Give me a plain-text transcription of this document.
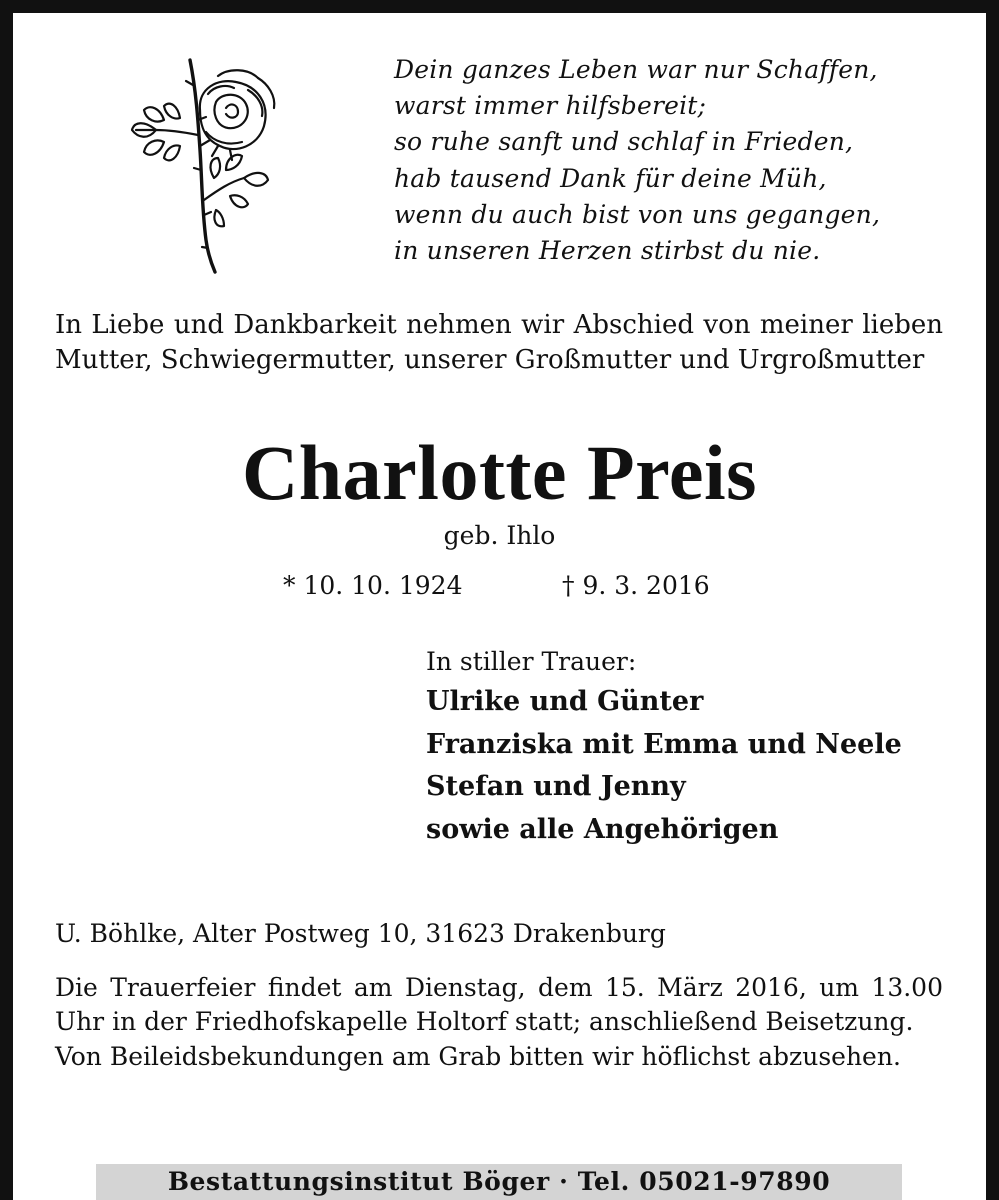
Dein ganzes Leben war nur Schaffen,
warst immer hilfsbereit;
so ruhe sanft und schlaf in Frieden,
hab tausend Dank für deine Müh,
wenn du auch bist von uns gegangen,
in unseren Herzen stirbst du nie.
In Liebe und Dankbarkeit nehmen wir Abschied von meiner lieben Mutter, Schwiegermutter, unserer Großmutter und Urgroßmutter
Charlotte Preis
geb. Ihlo
* 10. 10. 1924	† 9. 3. 2016
In stiller Trauer:
Ulrike und Günter
Franziska mit Emma und Neele
Stefan und Jenny
sowie alle Angehörigen
U. Böhlke, Alter Postweg 10, 31623 Drakenburg

Die Trauerfeier findet am Dienstag, dem 15. März 2016, um 13.00 Uhr in der Friedhofskapelle Holtorf statt; anschließend Beisetzung.

Von Beileidsbekundungen am Grab bitten wir höflichst abzusehen.

Bestattungsinstitut Böger · Tel. 05021-97890
